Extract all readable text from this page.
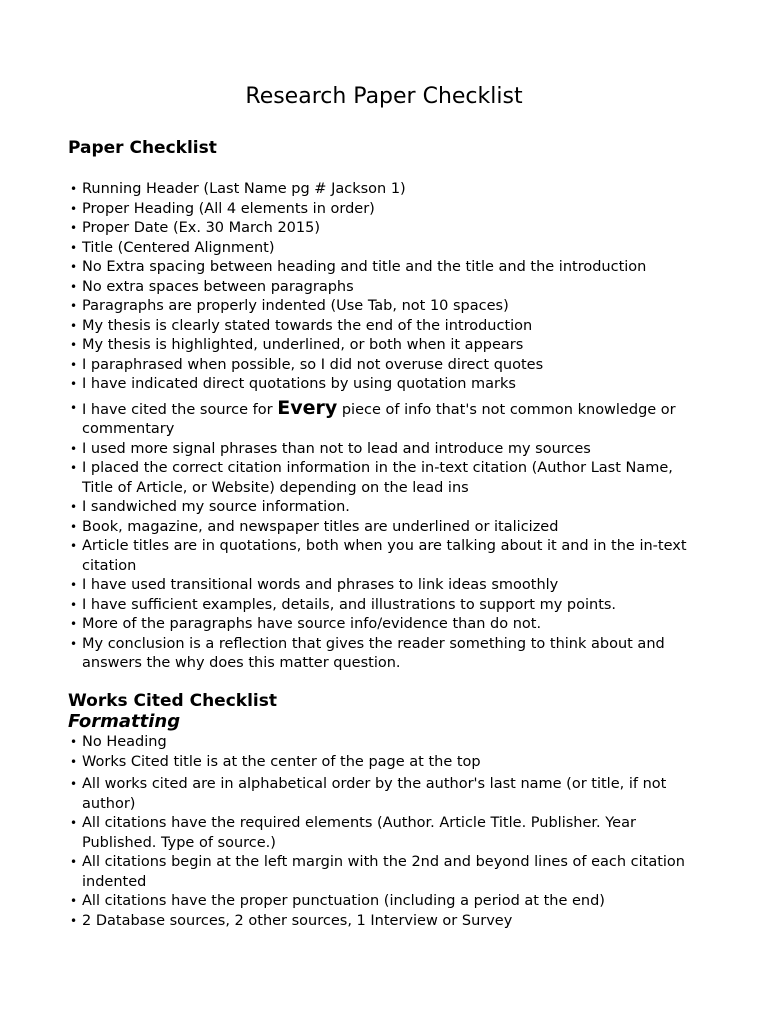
Research Paper Checklist
Paper Checklist
• Running Header (Last Name pg # Jackson 1)
• Proper Heading (All 4 elements in order)
• Proper Date (Ex. 30 March 2015)
• Title (Centered Alignment)
• No Extra spacing between heading and title and the title and the introduction
• No extra spaces between paragraphs
• Paragraphs are properly indented (Use Tab, not 10 spaces)
• My thesis is clearly stated towards the end of the introduction
• My thesis is highlighted, underlined, or both when it appears
• I paraphrased when possible, so I did not overuse direct quotes
• I have indicated direct quotations by using quotation marks
• I have cited the source for Every piece of info that's not common knowledge or commentary
• I used more signal phrases than not to lead and introduce my sources
• I placed the correct citation information in the in-text citation (Author Last Name, Title of Article, or Website) depending on the lead ins
• I sandwiched my source information.
• Book, magazine, and newspaper titles are underlined or italicized
• Article titles are in quotations, both when you are talking about it and in the in-text citation
• I have used transitional words and phrases to link ideas smoothly
• I have sufficient examples, details, and illustrations to support my points.
• More of the paragraphs have source info/evidence than do not.
• My conclusion is a reflection that gives the reader something to think about and answers the why does this matter question.
Works Cited Checklist
Formatting
• No Heading
• Works Cited title is at the center of the page at the top
• All works cited are in alphabetical order by the author's last name (or title, if not author)
• All citations have the required elements (Author. Article Title. Publisher. Year Published. Type of source.)
• All citations begin at the left margin with the 2nd and beyond lines of each citation indented
• All citations have the proper punctuation (including a period at the end)
• 2 Database sources, 2 other sources, 1 Interview or Survey
